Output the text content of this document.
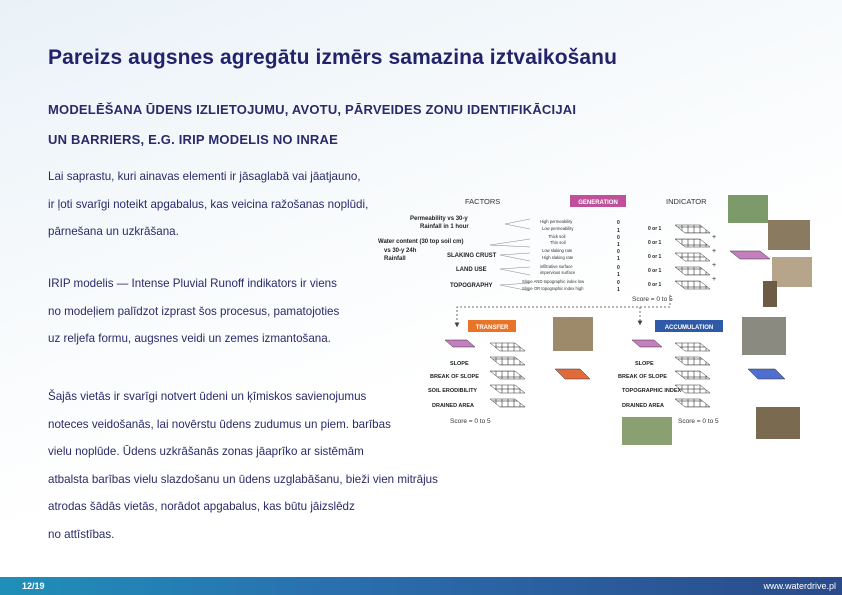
Pareizs augsnes agregātu izmērs samazina iztvaikošanu
MODELĒŠANA ŪDENS IZLIETOJUMU, AVOTU, PĀRVEIDES ZONU IDENTIFIKĀCIJAI
UN BARRIERS, E.G. IRIP MODELIS NO INRAE
Lai saprastu, kuri ainavas elementi ir jāsaglabā vai jāatjauno,
ir ļoti svarīgi noteikt apgabalus, kas veicina ražošanas noplūdi,
pārnešana un uzkrāšana.
IRIP modelis — Intense Pluvial Runoff indikators ir viens
no modeļiem palīdzot izprast šos procesus, pamatojoties
uz reljefa formu, augsnes veidi un zemes izmantošana.
Šajās vietās ir svarīgi notvert ūdeni un ķīmiskos savienojumus
noteces veidošanās, lai novērstu ūdens zudumus un piem. barības
vielu noplūde. Ūdens uzkrāšanās zonas jāaprīko ar sistēmām
atbalsta barības vielu slazdošanu un ūdens uzglabāšanu, bieži vien mitrājus
atrodas šādās vietās, norādot apgabalus, kas būtu jāizslēdz
no attīstības.
FACTORS	GENERATION	INDICATOR
Permeability vs 30-y
Rainfall in 1 hour
Water content (30 top soil cm)
vs 30-y 24h
Rainfall	SLAKING CRUST
LAND USE
TOPOGRAPHY
High permeability
Low permeability
Thick soil
Thin soil
Low slaking rate
High slaking rate
infiltrative surface
impervious surface
Slope AND topographic index low
Slope OR topographic index high
0
1
0
1
0
1
0
1
0
1
0 or 1
0 or 1
0 or 1
0 or 1
0 or 1
+
+
+
+
Score = 0 to 5
TRANSFER
SLOPE
BREAK OF SLOPE
SOIL ERODIBILITY
DRAINED AREA
Score = 0 to 5
ACCUMULATION
SLOPE
BREAK OF SLOPE
TOPOGRAPHIC INDEX
DRAINED AREA
Score = 0 to 5
12/19	www.waterdrive.pl
